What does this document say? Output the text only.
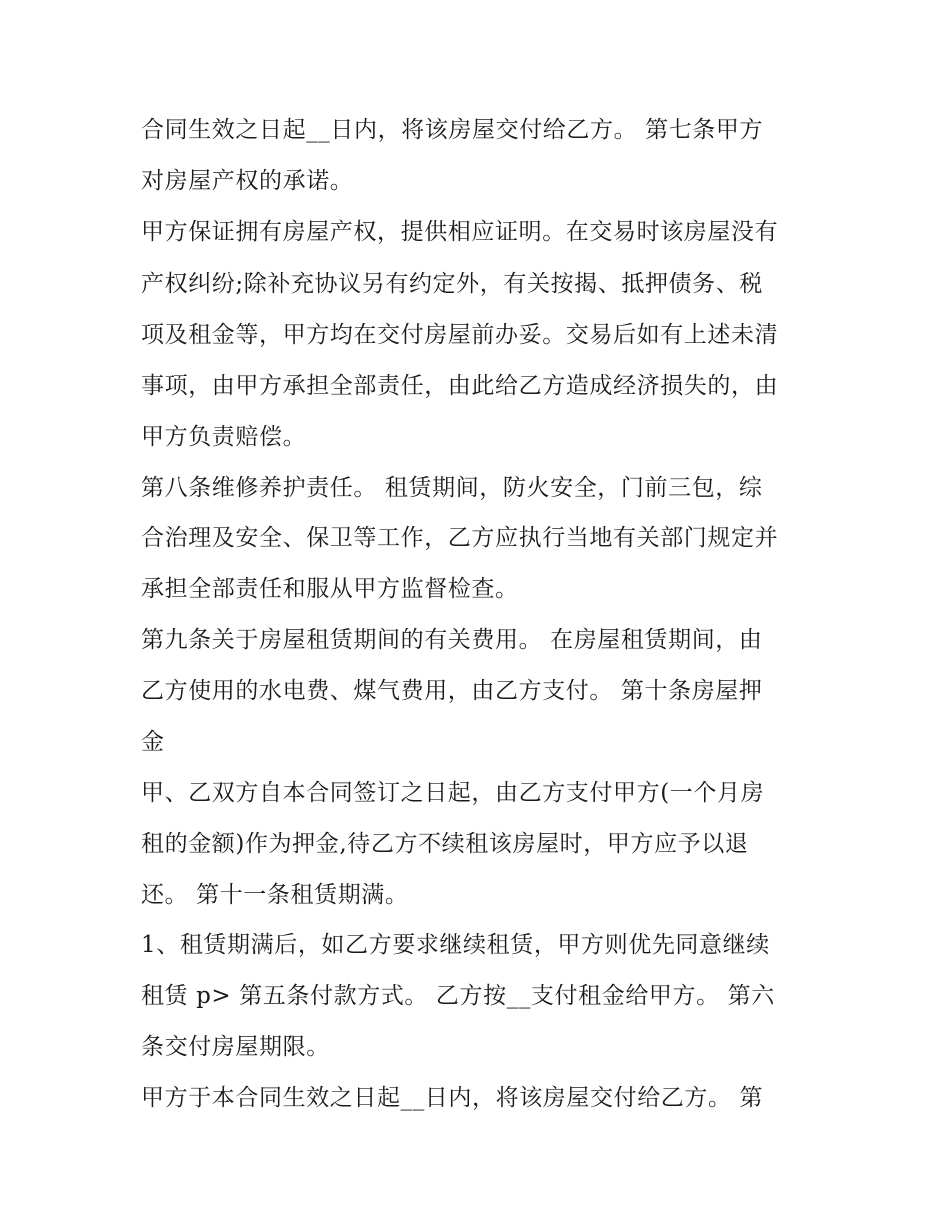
合同生效之日起__日内，将该房屋交付给乙方。 第七条甲方

对房屋产权的承诺。

甲方保证拥有房屋产权，提供相应证明。在交易时该房屋没有

产权纠纷;除补充协议另有约定外，有关按揭、抵押债务、税

项及租金等，甲方均在交付房屋前办妥。交易后如有上述未清

事项，由甲方承担全部责任，由此给乙方造成经济损失的，由

甲方负责赔偿。

第八条维修养护责任。 租赁期间，防火安全，门前三包，综

合治理及安全、保卫等工作，乙方应执行当地有关部门规定并

承担全部责任和服从甲方监督检查。

第九条关于房屋租赁期间的有关费用。 在房屋租赁期间，由

乙方使用的水电费、煤气费用，由乙方支付。 第十条房屋押

金

甲、乙双方自本合同签订之日起，由乙方支付甲方(一个月房

租的金额)作为押金,待乙方不续租该房屋时，甲方应予以退

还。 第十一条租赁期满。

1、租赁期满后，如乙方要求继续租赁，甲方则优先同意继续

租赁 p> 第五条付款方式。 乙方按__支付租金给甲方。 第六

条交付房屋期限。

甲方于本合同生效之日起__日内，将该房屋交付给乙方。 第
